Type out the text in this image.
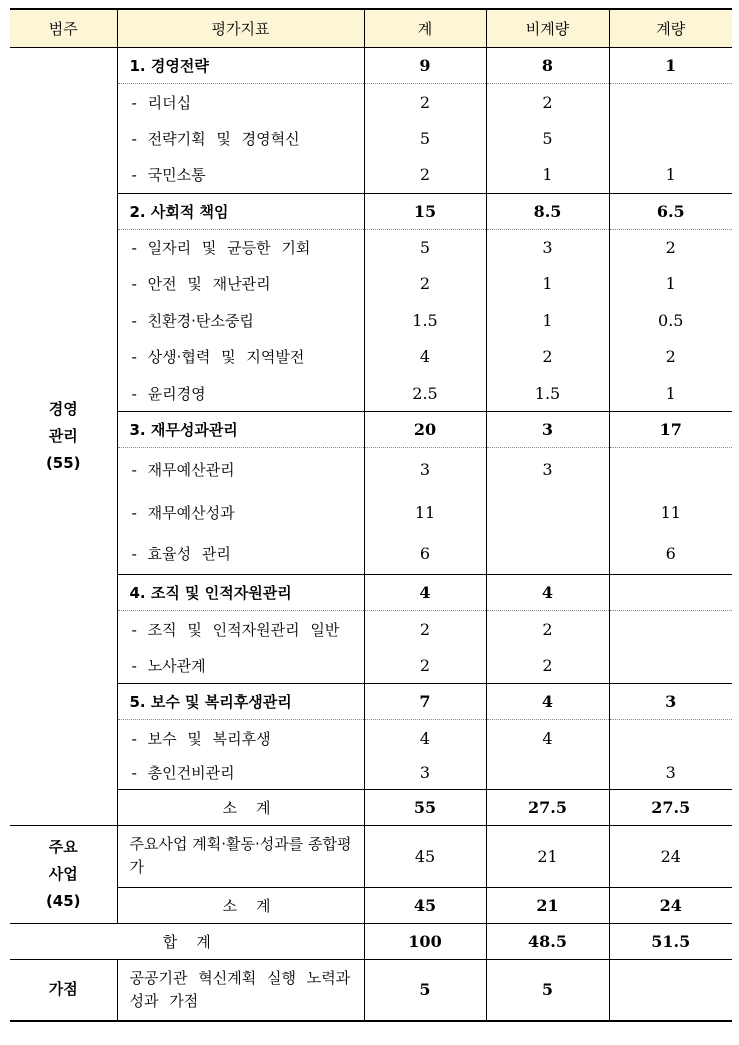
범주	평가지표	계	비계량	계량

경영
관리
(55)	1. 경영전략	9	8	1
	- 리더십	2	2	
	- 전략기획 및 경영혁신	5	5	
	- 국민소통	2	1	1
	2. 사회적 책임	15	8.5	6.5
	- 일자리 및 균등한 기회	5	3	2
	- 안전 및 재난관리	2	1	1
	- 친환경·탄소중립	1.5	1	0.5
	- 상생·협력 및 지역발전	4	2	2
	- 윤리경영	2.5	1.5	1
	3. 재무성과관리	20	3	17
	- 재무예산관리	3	3	
	- 재무예산성과	11		11
	- 효율성 관리	6		6
	4. 조직 및 인적자원관리	4	4	
	- 조직 및 인적자원관리 일반	2	2	
	- 노사관계	2	2	
	5. 보수 및 복리후생관리	7	4	3
	- 보수 및 복리후생	4	4	
	- 총인건비관리	3		3
	소    계	55	27.5	27.5

주요
사업
(45)	주요사업 계획·활동·성과를 종합평가	45	21	24
	소    계	45	21	24
합    계		100	48.5	51.5
가점	공공기관 혁신계획 실행 노력과 성과 가점	5	5	
